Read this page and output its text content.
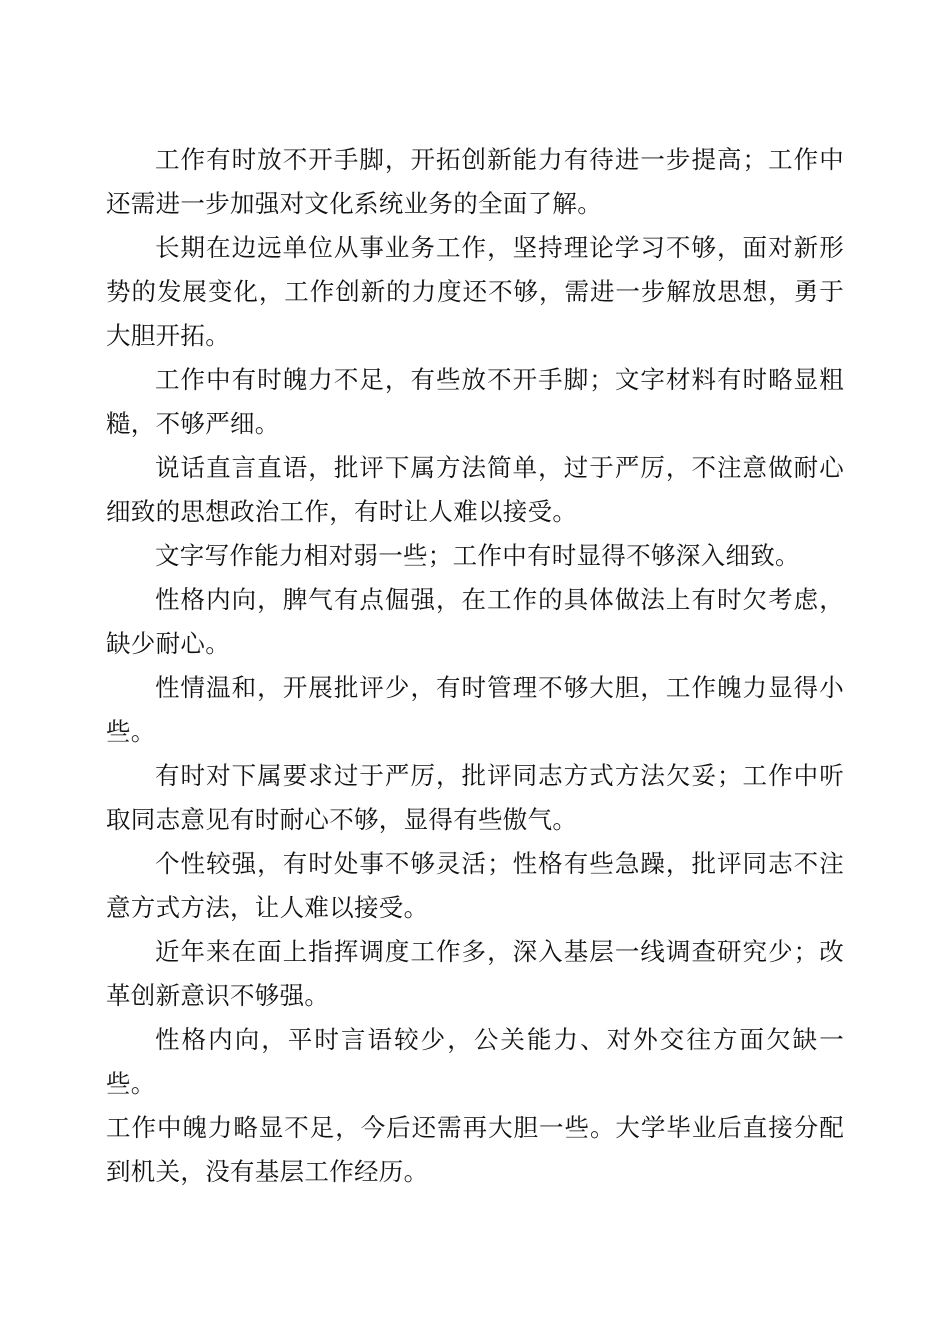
工作有时放不开手脚，开拓创新能力有待进一步提高；工作中还需进一步加强对文化系统业务的全面了解。

长期在边远单位从事业务工作，坚持理论学习不够，面对新形势的发展变化，工作创新的力度还不够，需进一步解放思想，勇于大胆开拓。

工作中有时魄力不足，有些放不开手脚；文字材料有时略显粗糙，不够严细。

说话直言直语，批评下属方法简单，过于严厉，不注意做耐心细致的思想政治工作，有时让人难以接受。

文字写作能力相对弱一些；工作中有时显得不够深入细致。

性格内向，脾气有点倔强，在工作的具体做法上有时欠考虑，缺少耐心。

性情温和，开展批评少，有时管理不够大胆，工作魄力显得小些。

有时对下属要求过于严厉，批评同志方式方法欠妥；工作中听取同志意见有时耐心不够，显得有些傲气。

个性较强，有时处事不够灵活；性格有些急躁，批评同志不注意方式方法，让人难以接受。

近年来在面上指挥调度工作多，深入基层一线调查研究少；改革创新意识不够强。

性格内向，平时言语较少，公关能力、对外交往方面欠缺一些。

工作中魄力略显不足，今后还需再大胆一些。大学毕业后直接分配到机关，没有基层工作经历。
